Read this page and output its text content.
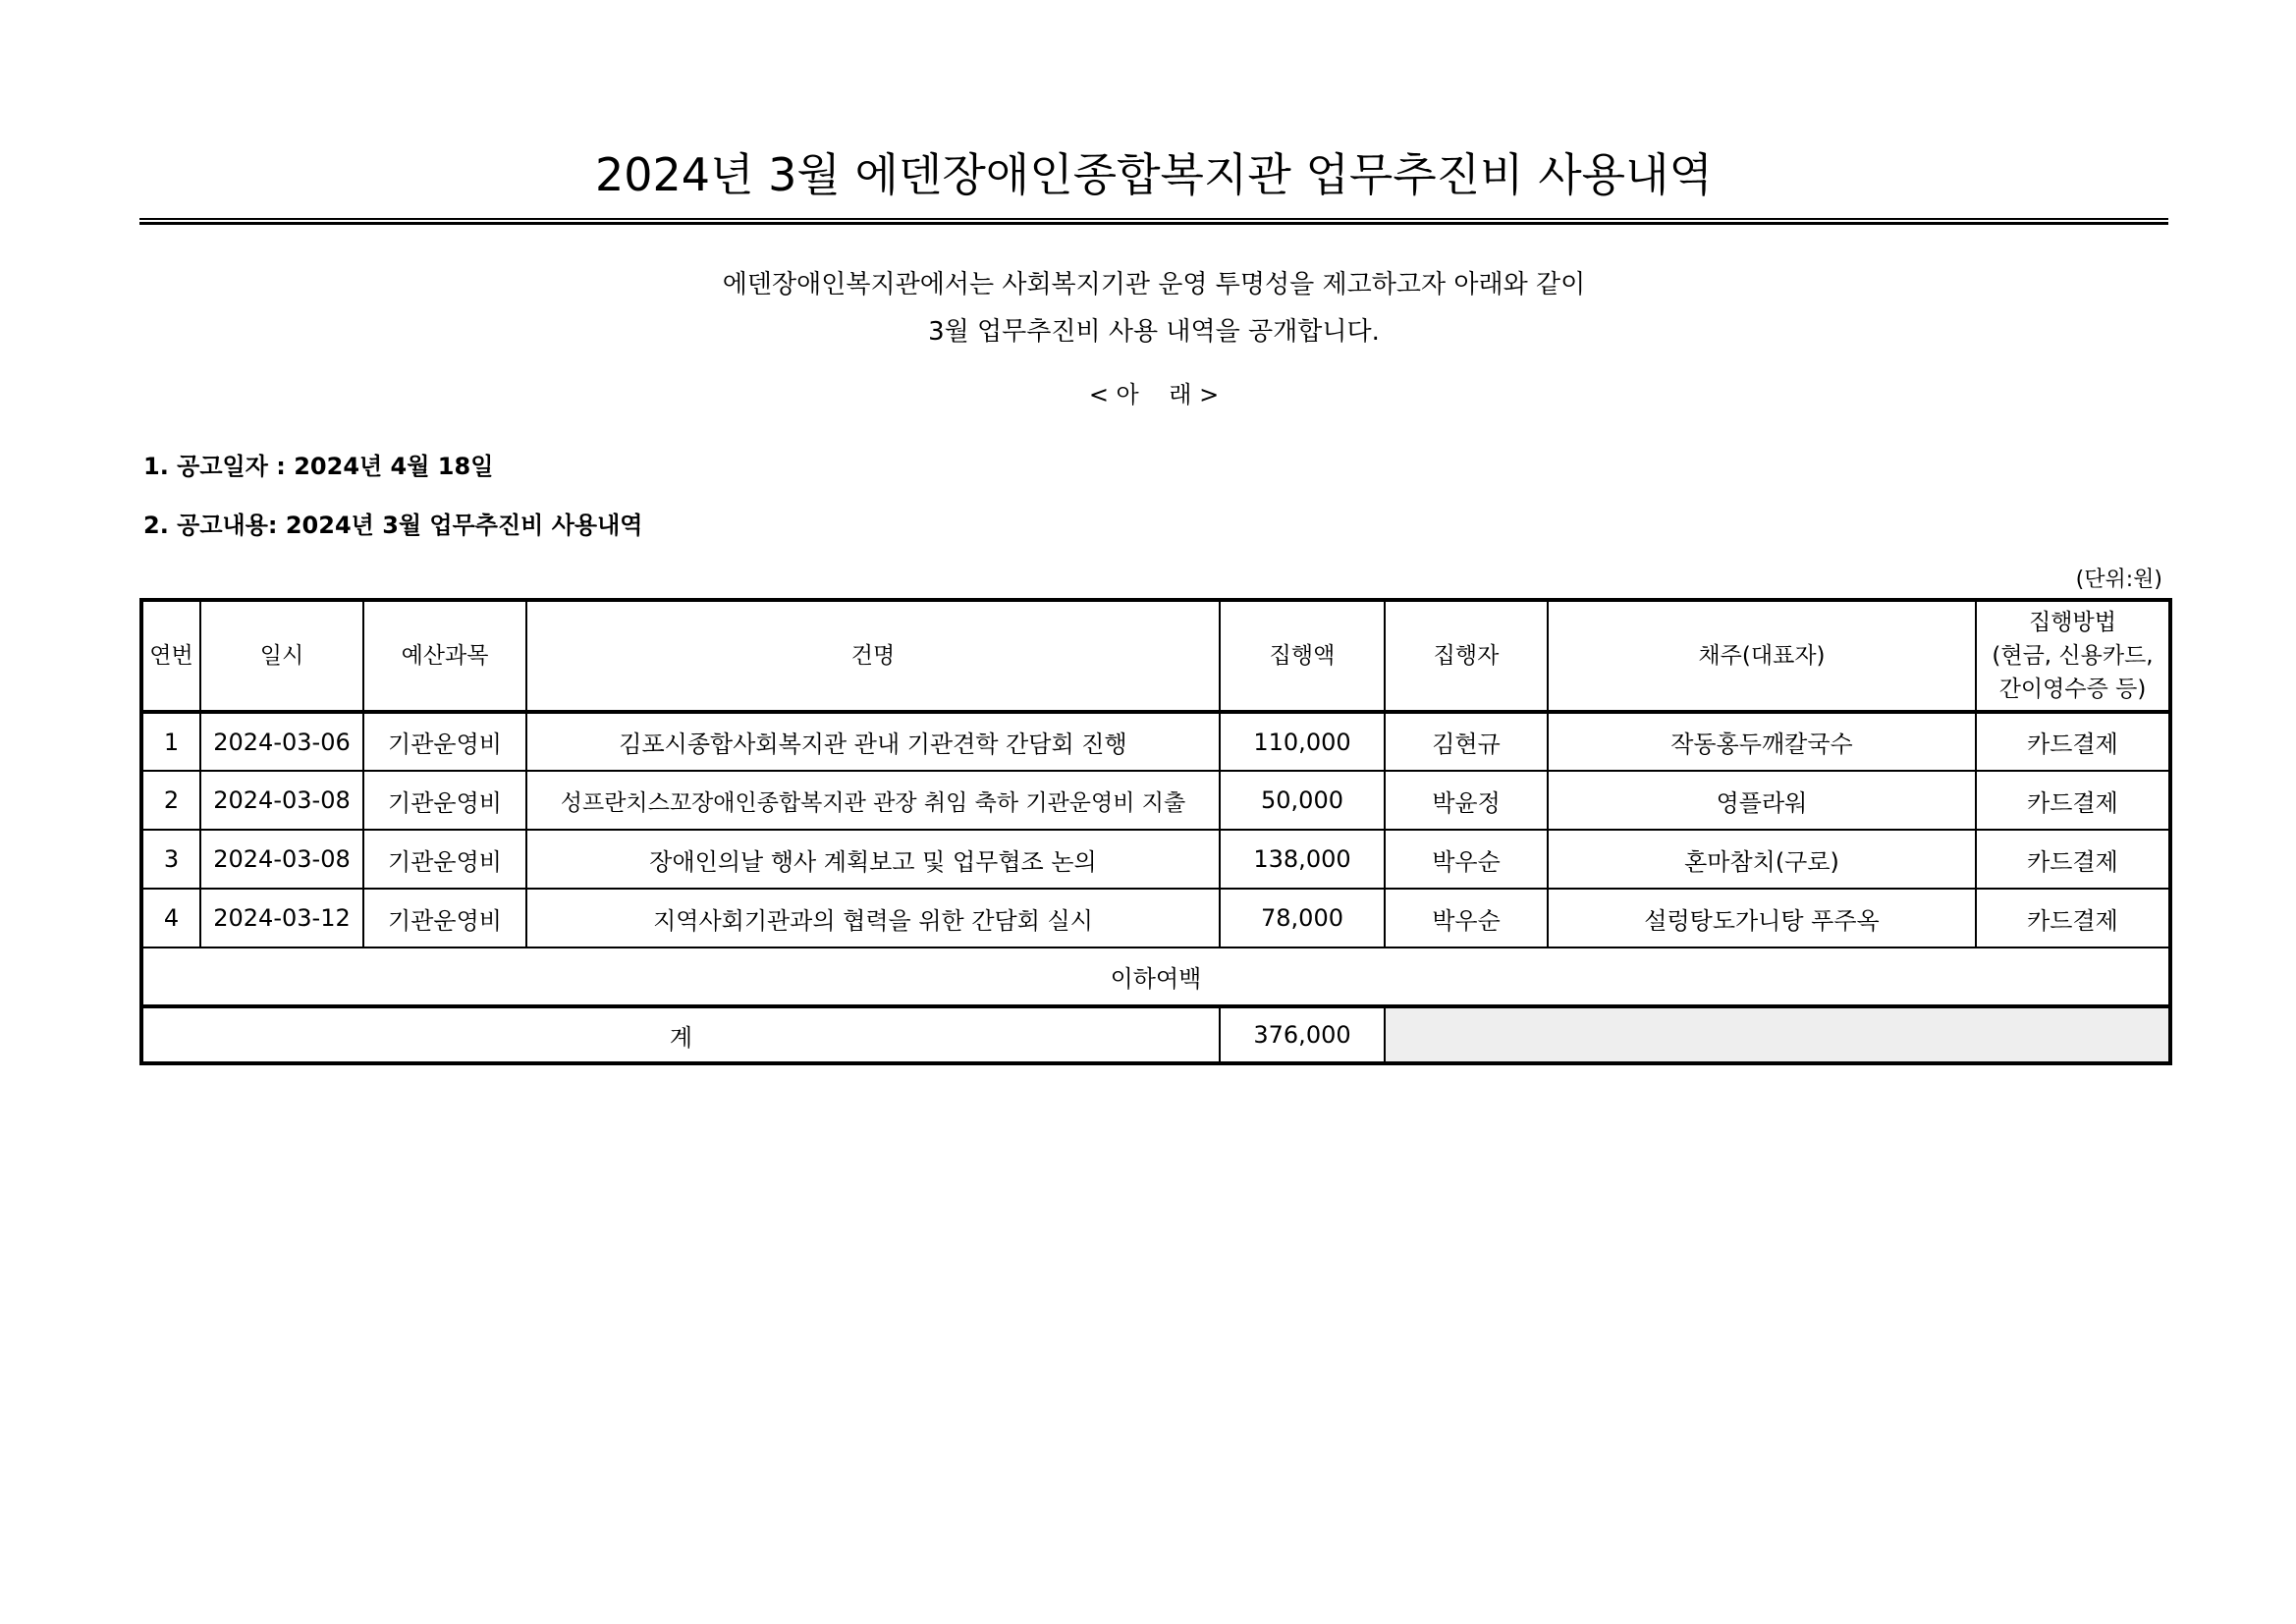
2024년 3월 에덴장애인종합복지관 업무추진비 사용내역
에덴장애인복지관에서는 사회복지기관 운영 투명성을 제고하고자 아래와 같이
3월 업무추진비 사용 내역을 공개합니다.
< 아    래 >
1. 공고일자 : 2024년 4월 18일
2. 공고내용: 2024년 3월 업무추진비 사용내역
(단위:원)
연번	일시	예산과목	건명	집행액	집행자	채주(대표자)	집행방법
(현금, 신용카드,
간이영수증 등)

1	2024-03-06	기관운영비	김포시종합사회복지관 관내 기관견학 간담회 진행	110,000	김현규	작동홍두깨칼국수	카드결제
2	2024-03-08	기관운영비	성프란치스꼬장애인종합복지관 관장 취임 축하 기관운영비 지출	50,000	박윤정	영플라워	카드결제
3	2024-03-08	기관운영비	장애인의날 행사 계획보고 및 업무협조 논의	138,000	박우순	혼마참치(구로)	카드결제
4	2024-03-12	기관운영비	지역사회기관과의 협력을 위한 간담회 실시	78,000	박우순	설렁탕도가니탕 푸주옥	카드결제
이하여백							
계				376,000			
